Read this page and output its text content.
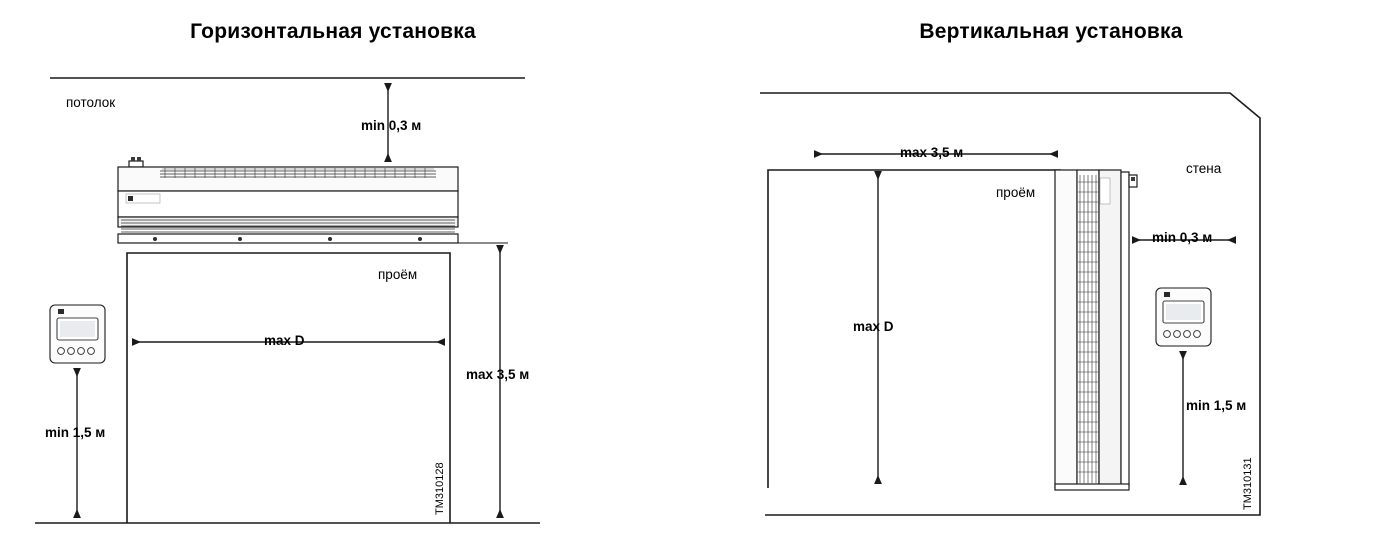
Горизонтальная установка
потолок
min 0,3 м
проём
max D
max 3,5 м
min 1,5 м
TM310128
Вертикальная установка
max 3,5 м
проём
стена
min 0,3 м
max D
min 1,5 м
TM310131
